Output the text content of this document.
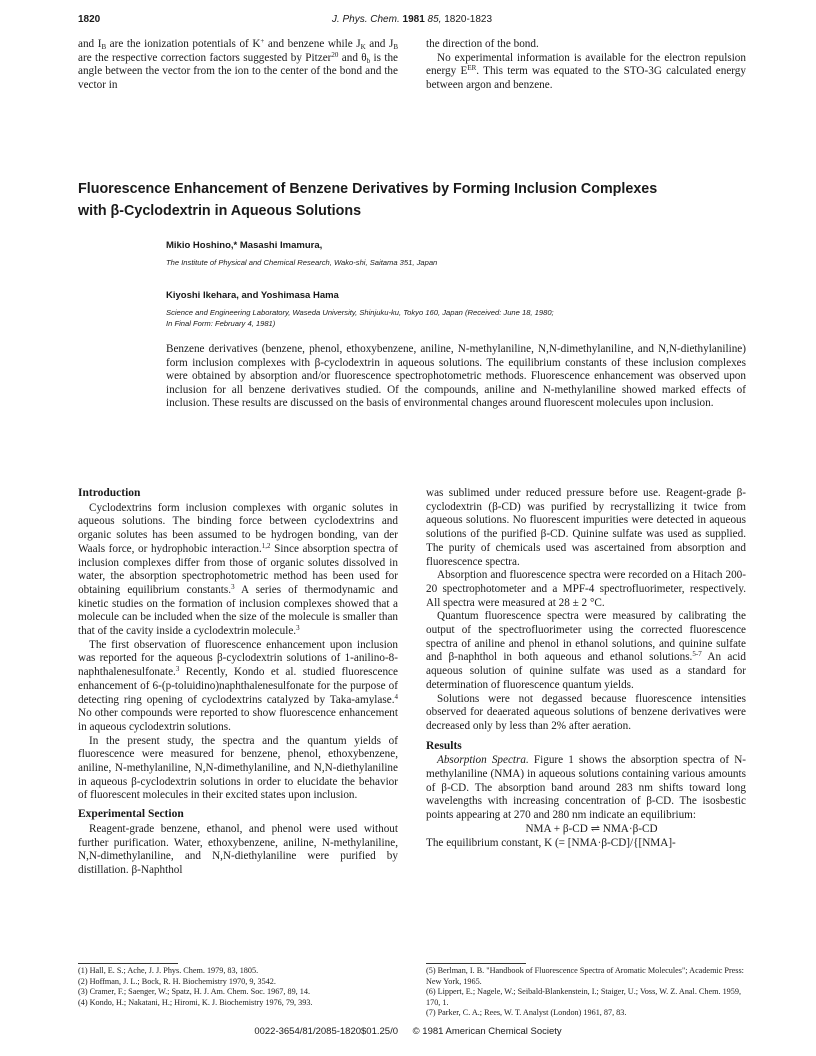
1820	J. Phys. Chem. 1981 85, 1820-1823

and $I_B$ are the ionization potentials of K+ and benzene while $J_K$ and $J_B$ are the respective correction factors suggested by Pitzer$^{20}$ and $\theta_b$ is the angle between the vector from the ion to the center of the bond and the vector in

the direction of the bond.

No experimental information is available for the electron repulsion energy $E^{ER}$. This term was equated to the STO-3G calculated energy between argon and benzene.

Fluorescence Enhancement of Benzene Derivatives by Forming Inclusion Complexes
with β-Cyclodextrin in Aqueous Solutions
Mikio Hoshino,* Masashi Imamura,
The Institute of Physical and Chemical Research, Wako-shi, Saitama 351, Japan
Kiyoshi Ikehara, and Yoshimasa Hama
Science and Engineering Laboratory, Waseda University, Shinjuku-ku, Tokyo 160, Japan (Received: June 18, 1980;
In Final Form: February 4, 1981)

Benzene derivatives (benzene, phenol, ethoxybenzene, aniline, N-methylaniline, N,N-dimethylaniline, and N,N-diethylaniline) form inclusion complexes with β-cyclodextrin in aqueous solutions. The equilibrium constants of these inclusion complexes were obtained by absorption and/or fluorescence spectrophotometric methods. Fluorescence enhancement was observed upon inclusion for all benzene derivatives studied. Of the compounds, aniline and N-methylaniline showed marked effects of inclusion. These results are discussed on the basis of environmental changes around fluorescent molecules upon inclusion.

Introduction

Cyclodextrins form inclusion complexes with organic solutes in aqueous solutions. The binding force between cyclodextrins and organic solutes has been assumed to be hydrogen bonding, van der Waals force, or hydrophobic interaction.$^{1,2}$ Since absorption spectra of inclusion complexes differ from those of organic solutes dissolved in water, the absorption spectrophotometric method has been used for obtaining equilibrium constants.$^3$ A series of thermodynamic and kinetic studies on the formation of inclusion complexes showed that a molecule can be included when the size of the molecule is smaller than that of the cavity inside a cyclodextrin molecule.$^3$

The first observation of fluorescence enhancement upon inclusion was reported for the aqueous β-cyclodextrin solutions of 1-anilino-8-naphthalenesulfonate.$^3$ Recently, Kondo et al. studied fluorescence enhancement of 6-(p-toluidino)naphthalenesulfonate for the purpose of detecting ring opening of cyclodextrins catalyzed by Taka-amylase.$^4$ No other compounds were reported to show fluorescence enhancement in aqueous cyclodextrin solutions.

In the present study, the spectra and the quantum yields of fluorescence were measured for benzene, phenol, ethoxybenzene, aniline, N-methylaniline, N,N-dimethylaniline, and N,N-diethylaniline in aqueous β-cyclodextrin solutions in order to elucidate the behavior of fluorescent molecules in their excited states upon inclusion.

Experimental Section

Reagent-grade benzene, ethanol, and phenol were used without further purification. Water, ethoxybenzene, aniline, N-methylaniline, N,N-dimethylaniline, and N,N-diethylaniline were purified by distillation. β-Naphthol

was sublimed under reduced pressure before use. Reagent-grade β-cyclodextrin (β-CD) was purified by recrystallizing it twice from aqueous solutions. No fluorescent impurities were detected in aqueous solutions of the purified β-CD. Quinine sulfate was used as supplied. The purity of chemicals used was ascertained from absorption and fluorescence spectra.

Absorption and fluorescence spectra were recorded on a Hitach 200-20 spectrophotometer and a MPF-4 spectrofluorimeter, respectively. All spectra were measured at 28 ± 2 °C.

Quantum fluorescence spectra were measured by calibrating the output of the spectrofluorimeter using the corrected fluorescence spectra of aniline and phenol in ethanol solutions, and quinine sulfate and β-naphthol in both aqueous and ethanol solutions.$^{5-7}$ An acid aqueous solution of quinine sulfate was used as a standard for determination of fluorescence quantum yields.

Solutions were not degassed because fluorescence intensities observed for deaerated aqueous solutions of benzene derivatives were decreased only by less than 2% after aeration.

Results

Absorption Spectra. Figure 1 shows the absorption spectra of N-methylaniline (NMA) in aqueous solutions containing various amounts of β-CD. The absorption band around 283 nm shifts toward long wavelengths with increasing concentration of β-CD. The isosbestic points appearing at 270 and 280 nm indicate an equilibrium:

NMA + β-CD ⇌ NMA·β-CD

The equilibrium constant, K (= [NMA·β-CD]/{[NMA]-

(1) Hall, E. S.; Ache, J. J. Phys. Chem. 1979, 83, 1805.
(2) Hoffman, J. L.; Bock, R. H. Biochemistry 1970, 9, 3542.
(3) Cramer, F.; Saenger, W.; Spatz, H. J. Am. Chem. Soc. 1967, 89, 14.
(4) Kondo, H.; Nakatani, H.; Hiromi, K. J. Biochemistry 1976, 79, 393.
(5) Berlman, I. B. "Handbook of Fluorescence Spectra of Aromatic Molecules"; Academic Press: New York, 1965.
(6) Lippert, E.; Nagele, W.; Seibald-Blankenstein, I.; Staiger, U.; Voss, W. Z. Anal. Chem. 1959, 170, 1.
(7) Parker, C. A.; Rees, W. T. Analyst (London) 1961, 87, 83.
0022-3654/81/2085-1820$01.25/0 © 1981 American Chemical Society
